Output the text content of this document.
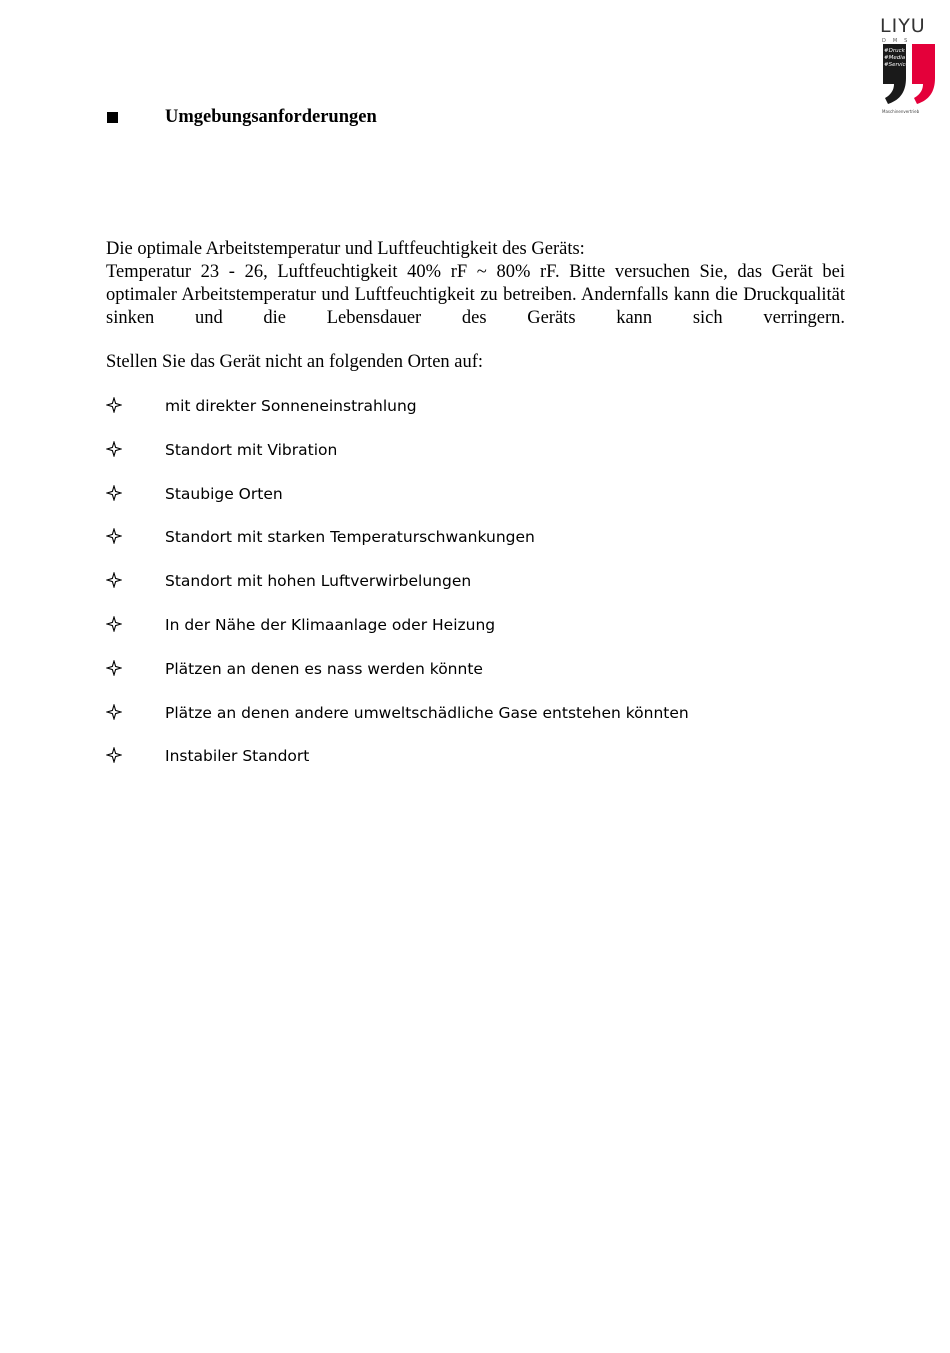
LIYU
DMS
#Druck
#Media
#Service
Maschinenvertrieb
Umgebungsanforderungen
Die optimale Arbeitstemperatur und Luftfeuchtigkeit des Geräts:
Temperatur 23 - 26, Luftfeuchtigkeit 40% rF ~ 80% rF. Bitte versuchen Sie, das Gerät bei optimaler Arbeitstemperatur und Luftfeuchtigkeit zu betreiben. Andernfalls kann die Druckqualität sinken und die Lebensdauer des Geräts kann sich verringern.
Stellen Sie das Gerät nicht an folgenden Orten auf:
mit direkter Sonneneinstrahlung
Standort mit Vibration
Staubige Orten
Standort mit starken Temperaturschwankungen
Standort mit hohen Luftverwirbelungen
In der Nähe der Klimaanlage oder Heizung
Plätzen an denen es nass werden könnte
Plätze an denen andere umweltschädliche Gase entstehen könnten
Instabiler Standort
